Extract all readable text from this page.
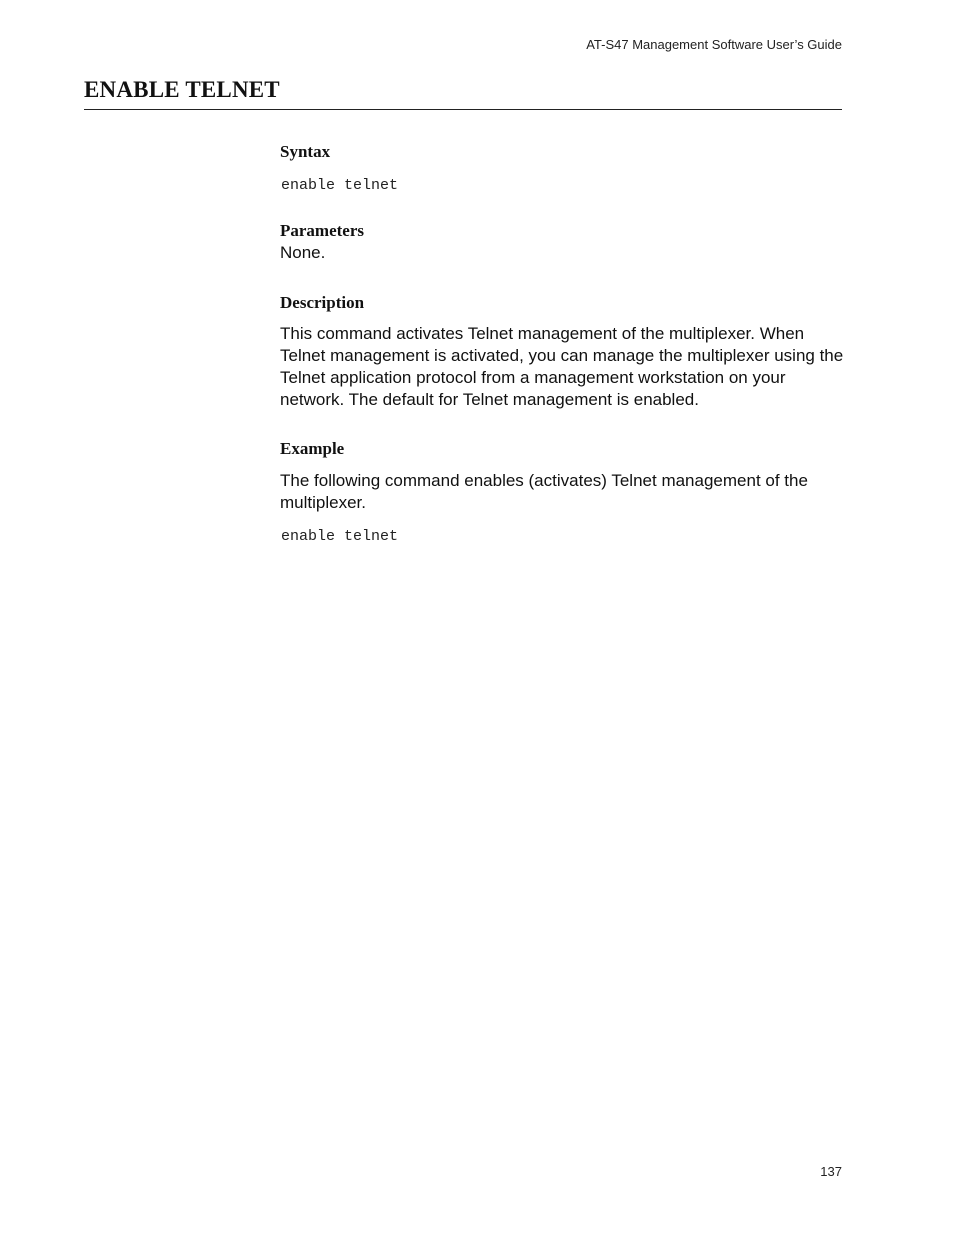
AT-S47 Management Software User’s Guide
ENABLE TELNET
Syntax
enable telnet
Parameters

None.

Description

This command activates Telnet management of the multiplexer. When Telnet management is activated, you can manage the multiplexer using the Telnet application protocol from a management workstation on your network. The default for Telnet management is enabled.

Example

The following command enables (activates) Telnet management of the multiplexer.

enable telnet
137
